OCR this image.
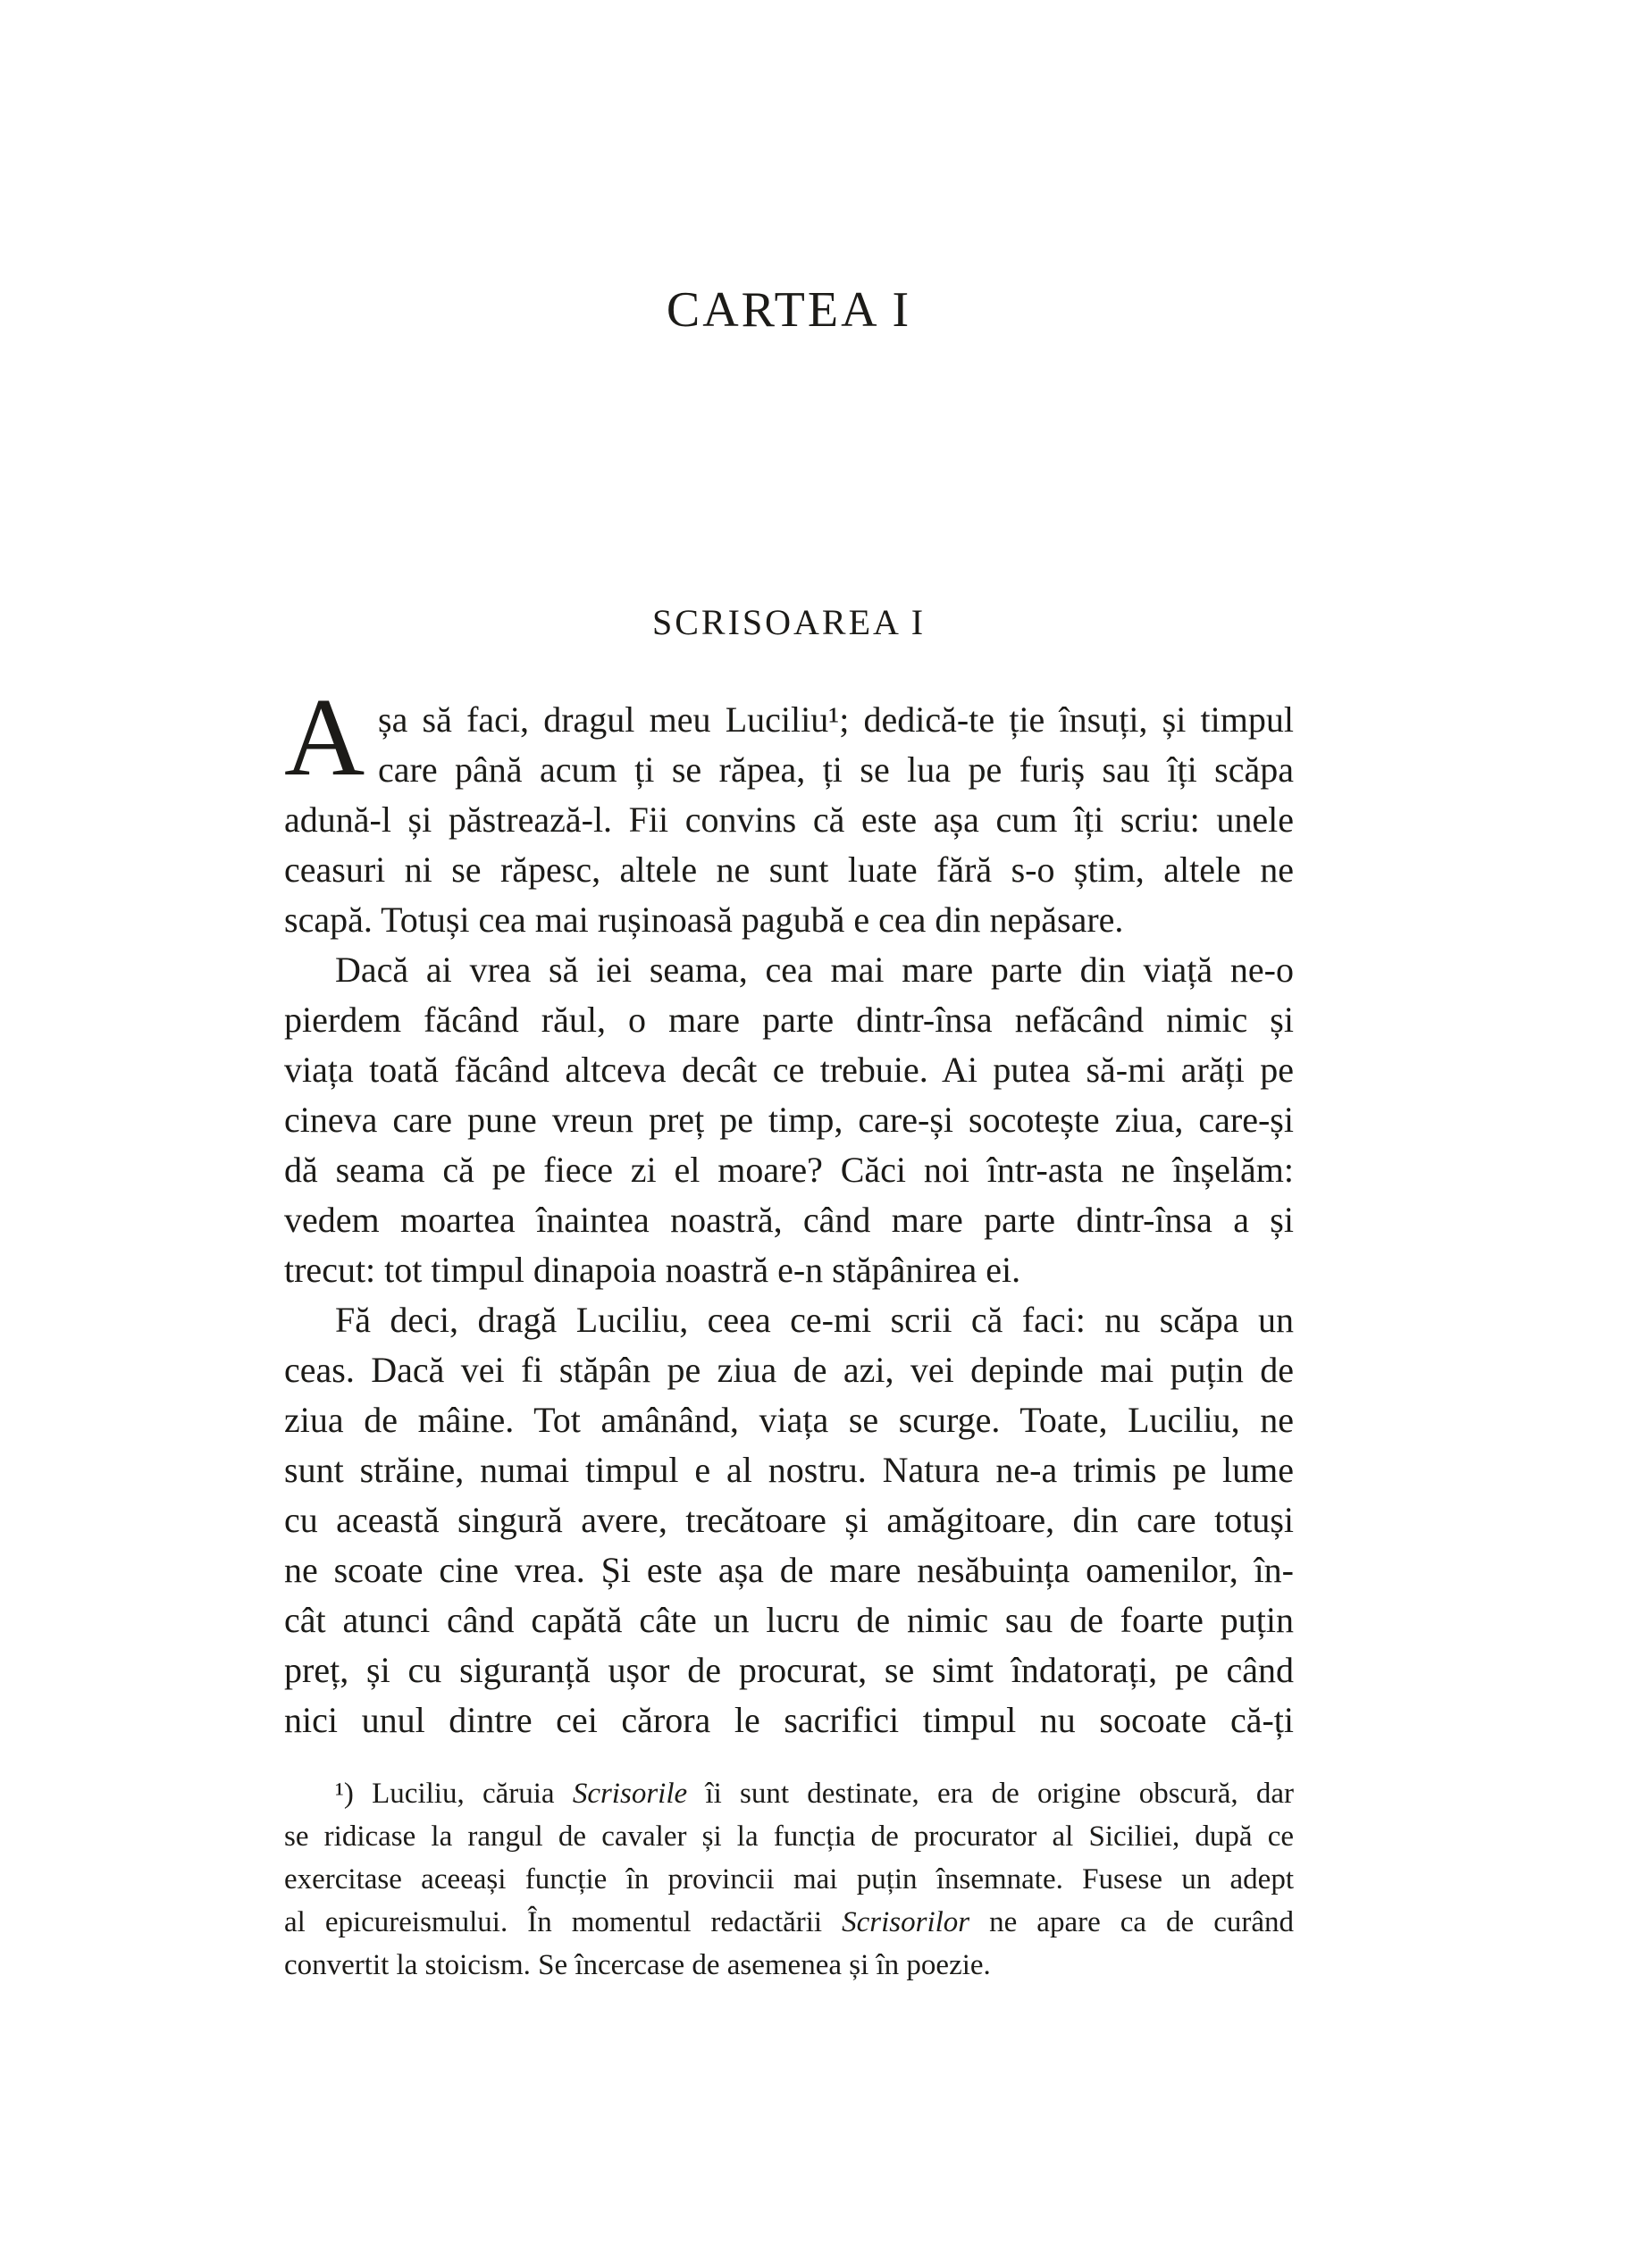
CARTEA I
SCRISOAREA I
A șa să faci, dragul meu Luciliu¹; dedică-te ție însuți, și timpul
care până acum ți se răpea, ți se lua pe furiș sau îți scăpa
adună-l și păstrează-l. Fii convins că este așa cum îți scriu: unele
ceasuri ni se răpesc, altele ne sunt luate fără s-o știm, altele ne
scapă. Totuși cea mai rușinoasă pagubă e cea din nepăsare.
Dacă ai vrea să iei seama, cea mai mare parte din viață ne-o
pierdem făcând răul, o mare parte dintr-însa nefăcând nimic și
viața toată făcând altceva decât ce trebuie. Ai putea să-mi arăți pe
cineva care pune vreun preț pe timp, care-și socotește ziua, care-și
dă seama că pe fiece zi el moare? Căci noi într-asta ne înșelăm:
vedem moartea înaintea noastră, când mare parte dintr-însa a și
trecut: tot timpul dinapoia noastră e-n stăpânirea ei.
Fă deci, dragă Luciliu, ceea ce-mi scrii că faci: nu scăpa un
ceas. Dacă vei fi stăpân pe ziua de azi, vei depinde mai puțin de
ziua de mâine. Tot amânând, viața se scurge. Toate, Luciliu, ne
sunt străine, numai timpul e al nostru. Natura ne-a trimis pe lume
cu această singură avere, trecătoare și amăgitoare, din care totuși
ne scoate cine vrea. Și este așa de mare nesăbuința oamenilor, în-
cât atunci când capătă câte un lucru de nimic sau de foarte puțin
preț, și cu siguranță ușor de procurat, se simt îndatorați, pe când
nici unul dintre cei cărora le sacrifici timpul nu socoate că-ți
¹) Luciliu, căruia Scrisorile îi sunt destinate, era de origine obscură, dar
se ridicase la rangul de cavaler și la funcția de procurator al Siciliei, după ce
exercitase aceeași funcție în provincii mai puțin însemnate. Fusese un adept
al epicureismului. În momentul redactării Scrisorilor ne apare ca de curând
convertit la stoicism. Se încercase de asemenea și în poezie.
